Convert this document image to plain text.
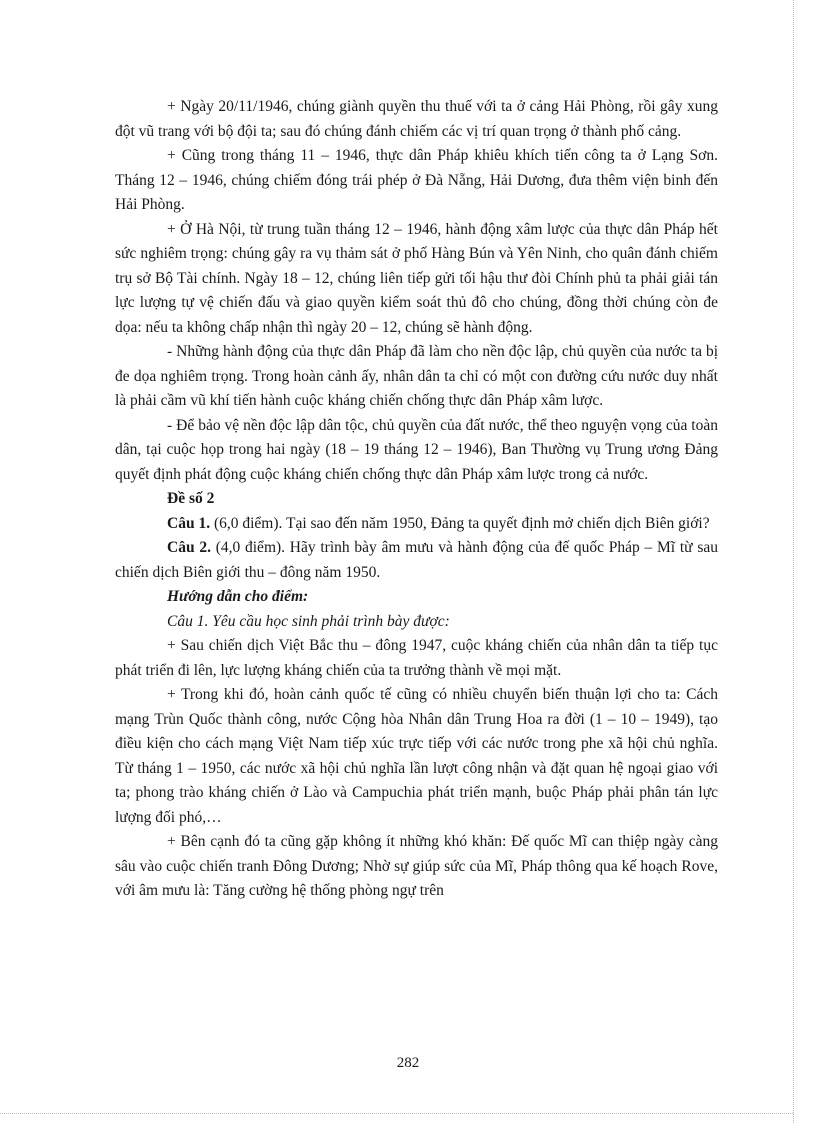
+ Ngày 20/11/1946, chúng giành quyền thu thuế với ta ở cảng Hải Phòng, rồi gây xung đột vũ trang với bộ đội ta; sau đó chúng đánh chiếm các vị trí quan trọng ở thành phố cảng.

+ Cũng trong tháng 11 – 1946, thực dân Pháp khiêu khích tiến công ta ở Lạng Sơn. Tháng 12 – 1946, chúng chiếm đóng trái phép ở Đà Nẵng, Hải Dương, đưa thêm viện binh đến Hải Phòng.

+ Ở Hà Nội, từ trung tuần tháng 12 – 1946, hành động xâm lược của thực dân Pháp hết sức nghiêm trọng: chúng gây ra vụ thảm sát ở phố Hàng Bún và Yên Ninh, cho quân đánh chiếm trụ sở Bộ Tài chính. Ngày 18 – 12, chúng liên tiếp gửi tối hậu thư đòi Chính phủ ta phải giải tán lực lượng tự vệ chiến đấu và giao quyền kiểm soát thủ đô cho chúng, đồng thời chúng còn đe dọa: nếu ta không chấp nhận thì ngày 20 – 12, chúng sẽ hành động.

- Những hành động của thực dân Pháp đã làm cho nền độc lập, chủ quyền của nước ta bị đe dọa nghiêm trọng. Trong hoàn cảnh ấy, nhân dân ta chỉ có một con đường cứu nước duy nhất là phải cầm vũ khí tiến hành cuộc kháng chiến chống thực dân Pháp xâm lược.

- Để bảo vệ nền độc lập dân tộc, chủ quyền của đất nước, thể theo nguyện vọng của toàn dân, tại cuộc họp trong hai ngày (18 – 19 tháng 12 – 1946), Ban Thường vụ Trung ương Đảng quyết định phát động cuộc kháng chiến chống thực dân Pháp xâm lược trong cả nước.

Đề số 2

Câu 1. (6,0 điểm). Tại sao đến năm 1950, Đảng ta quyết định mở chiến dịch Biên giới?

Câu 2. (4,0 điểm). Hãy trình bày âm mưu và hành động của đế quốc Pháp – Mĩ từ sau chiến dịch Biên giới thu – đông năm 1950.

Hướng dẫn cho điểm:

Câu 1. Yêu cầu học sinh phải trình bày được:

+ Sau chiến dịch Việt Bắc thu – đông 1947, cuộc kháng chiến của nhân dân ta tiếp tục phát triển đi lên, lực lượng kháng chiến của ta trưởng thành về mọi mặt.

+ Trong khi đó, hoàn cảnh quốc tế cũng có nhiều chuyển biến thuận lợi cho ta: Cách mạng Trùn Quốc thành công, nước Cộng hòa Nhân dân Trung Hoa ra đời (1 – 10 – 1949), tạo điều kiện cho cách mạng Việt Nam tiếp xúc trực tiếp với các nước trong phe xã hội chủ nghĩa. Từ tháng 1 – 1950, các nước xã hội chủ nghĩa lần lượt công nhận và đặt quan hệ ngoại giao với ta; phong trào kháng chiến ở Lào và Campuchia phát triển mạnh, buộc Pháp phải phân tán lực lượng đối phó,…

+ Bên cạnh đó ta cũng gặp không ít những khó khăn: Đế quốc Mĩ can thiệp ngày càng sâu vào cuộc chiến tranh Đông Dương; Nhờ sự giúp sức của Mĩ, Pháp thông qua kế hoạch Rove, với âm mưu là: Tăng cường hệ thống phòng ngự trên

282
